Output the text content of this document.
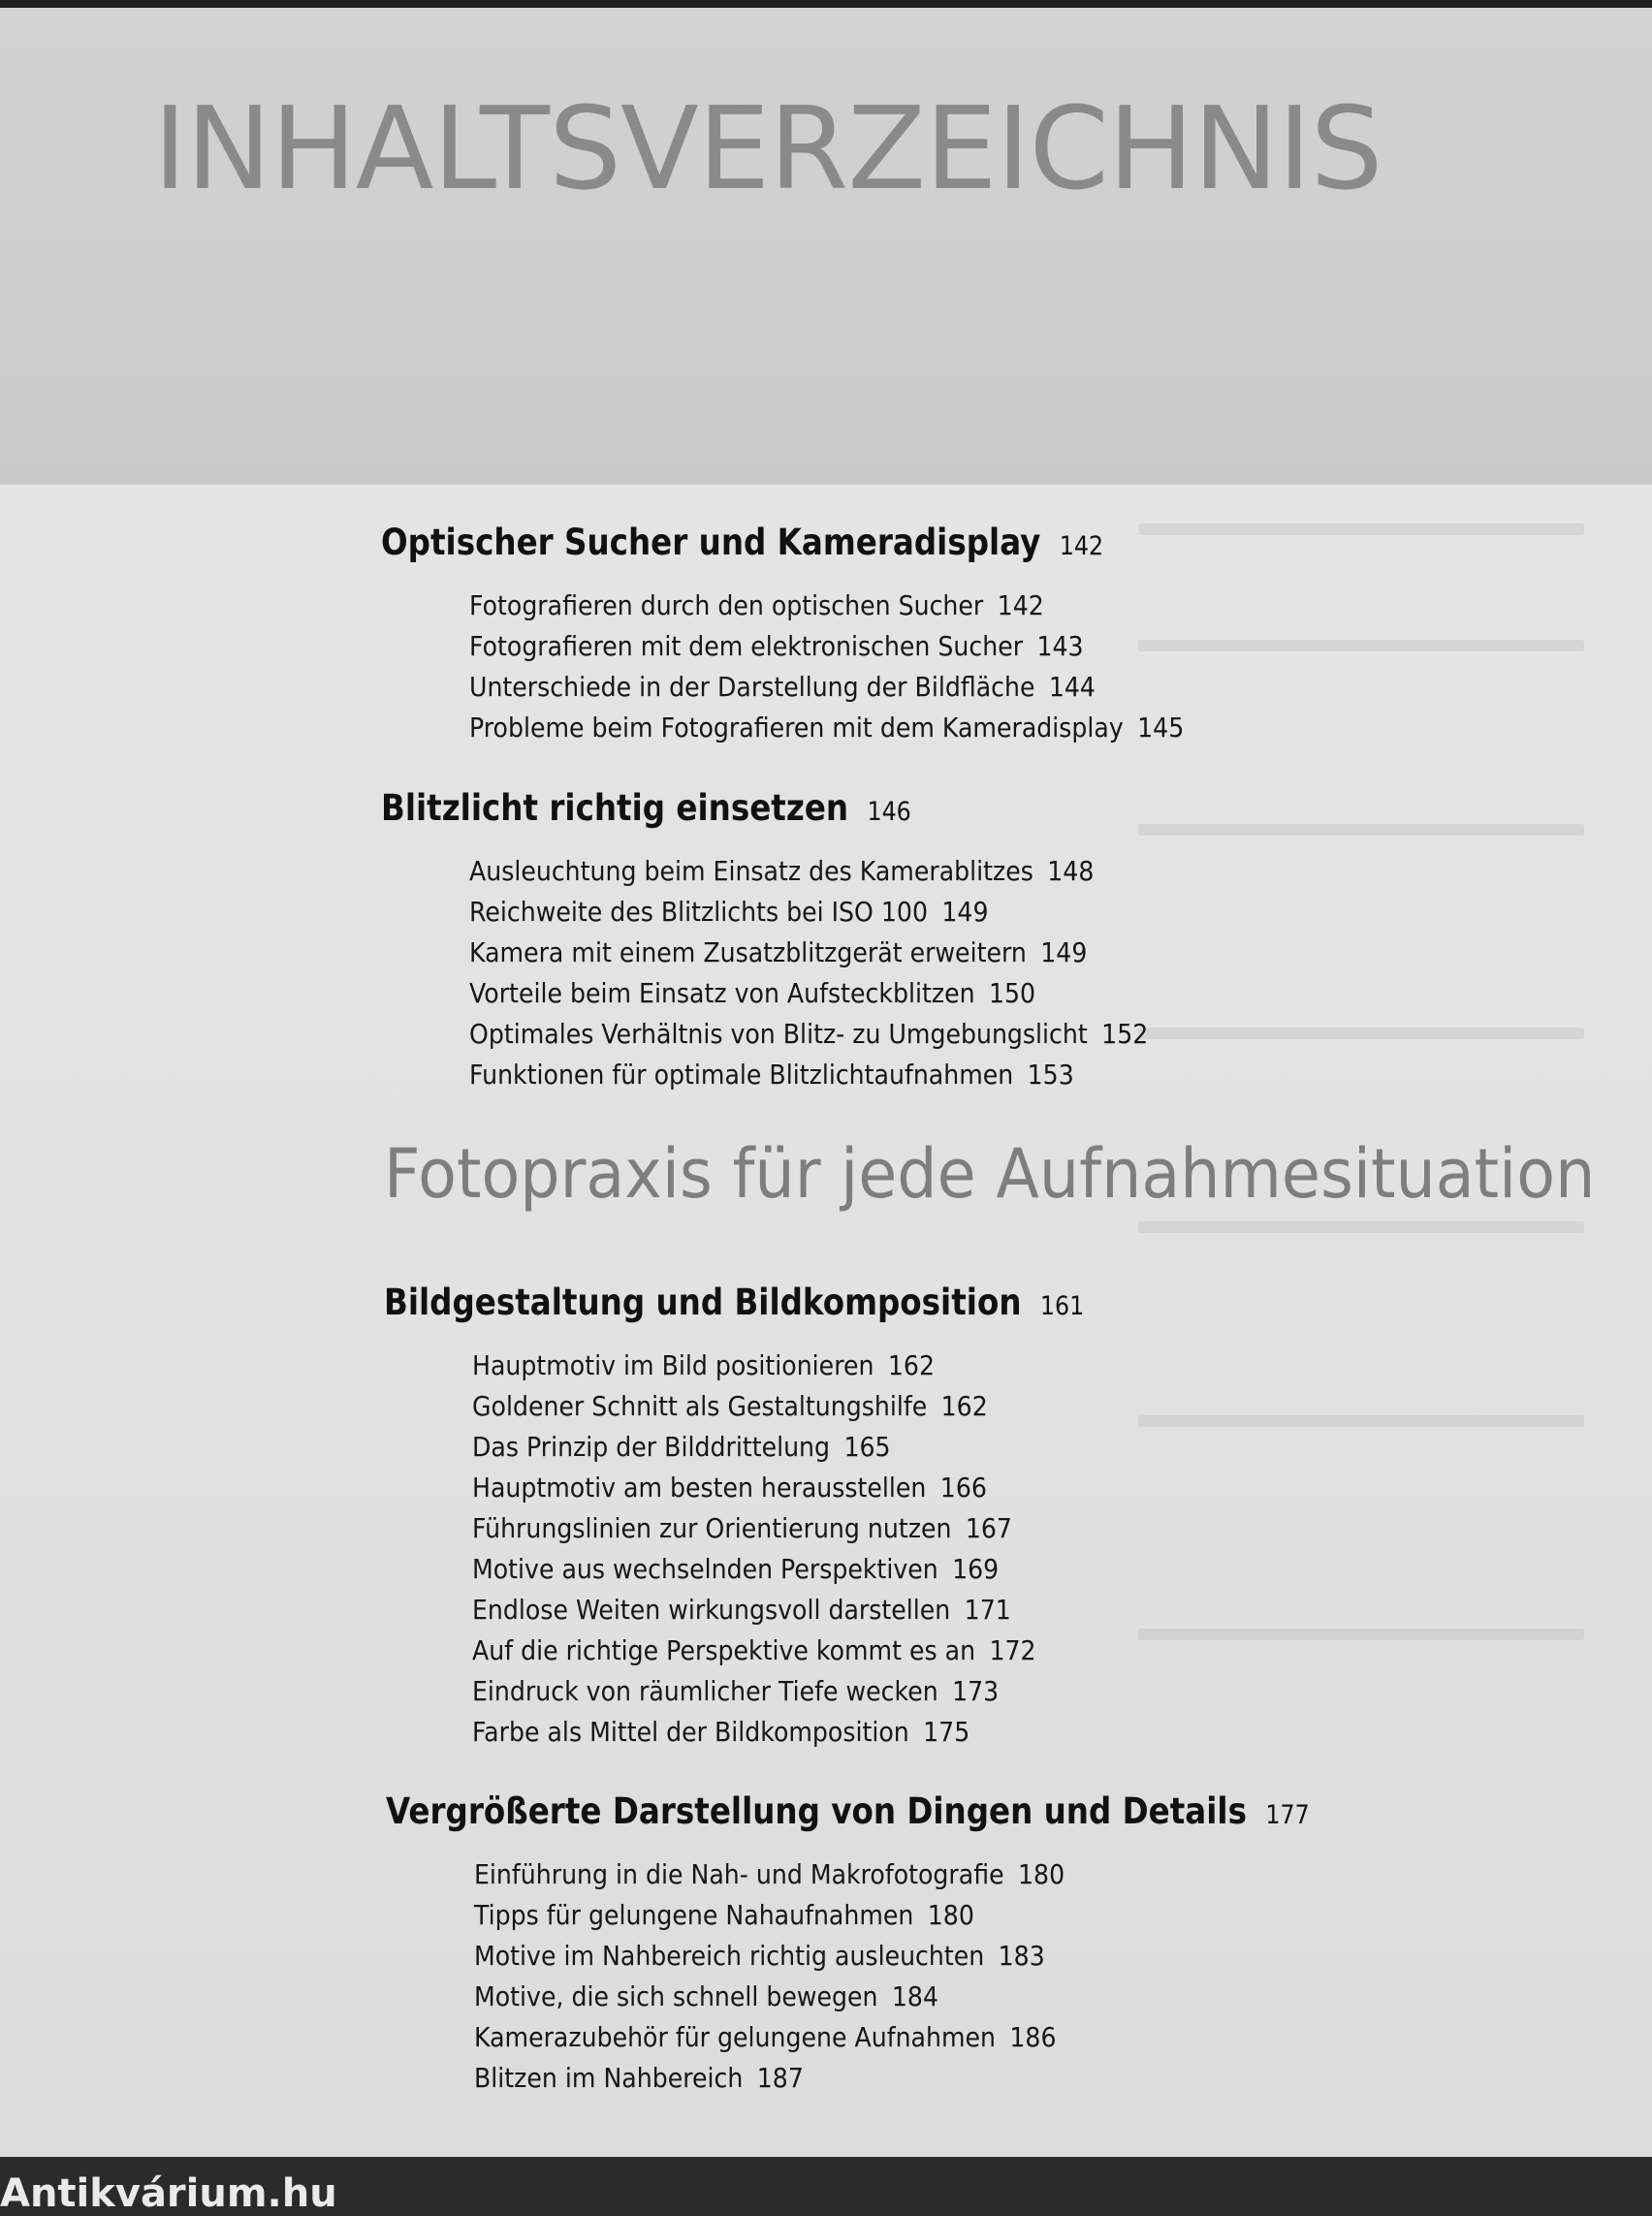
INHALTSVERZEICHNIS
Optischer Sucher und Kameradisplay 142
Fotografieren durch den optischen Sucher 142
Fotografieren mit dem elektronischen Sucher 143
Unterschiede in der Darstellung der Bildfläche 144
Probleme beim Fotografieren mit dem Kameradisplay 145
Blitzlicht richtig einsetzen 146
Ausleuchtung beim Einsatz des Kamerablitzes 148
Reichweite des Blitzlichts bei ISO 100 149
Kamera mit einem Zusatzblitzgerät erweitern 149
Vorteile beim Einsatz von Aufsteckblitzen 150
Optimales Verhältnis von Blitz- zu Umgebungslicht 152
Funktionen für optimale Blitzlichtaufnahmen 153
Fotopraxis für jede Aufnahmesituation
Bildgestaltung und Bildkomposition 161
Hauptmotiv im Bild positionieren 162
Goldener Schnitt als Gestaltungshilfe 162
Das Prinzip der Bilddrittelung 165
Hauptmotiv am besten herausstellen 166
Führungslinien zur Orientierung nutzen 167
Motive aus wechselnden Perspektiven 169
Endlose Weiten wirkungsvoll darstellen 171
Auf die richtige Perspektive kommt es an 172
Eindruck von räumlicher Tiefe wecken 173
Farbe als Mittel der Bildkomposition 175
Vergrößerte Darstellung von Dingen und Details 177
Einführung in die Nah- und Makrofotografie 180
Tipps für gelungene Nahaufnahmen 180
Motive im Nahbereich richtig ausleuchten 183
Motive, die sich schnell bewegen 184
Kamerazubehör für gelungene Aufnahmen 186
Blitzen im Nahbereich 187
Antikvárium.hu
